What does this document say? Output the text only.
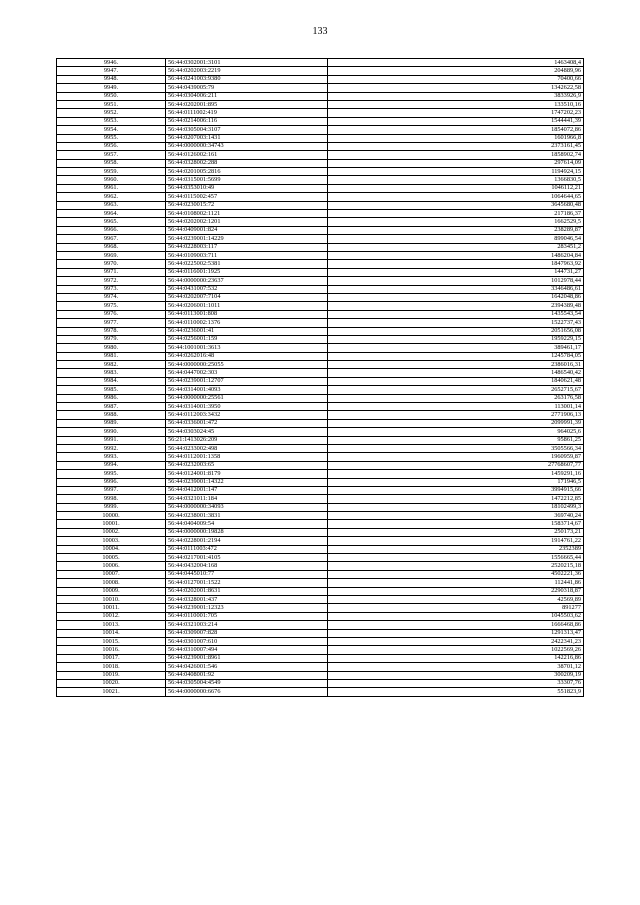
133
9946.	56:44:0302001:3101	1463408,4
9947.	56:44:0202003:2219	204889,96
9948.	56:44:0241003:9380	70400,66
9949.	56:44:0439005:79	1342622,58
9950.	56:44:0304006:211	3833926,9
9951.	56:44:0202001:895	133510,16
9952.	56:44:0111002:419	1747202,23
9953.	56:44:0214006:116	1544441,39
9954.	56:44:0305004:3107	1854072,86
9955.	56:44:0207003:1431	1601966,8
9956.	56:44:0000000:34743	2373161,45
9957.	56:44:0126002:161	1858902,74
9958.	56:44:0328002:288	297614,09
9959.	56:44:0201005:2816	1194924,15
9960.	56:44:0315001:5699	1366830,5
9961.	56:44:0353010:49	1046112,21
9962.	56:44:0115002:457	1064644,65
9963.	56:44:0230015:72	3645680,48
9964.	56:44:0108002:1121	217186,37
9965.	56:44:0202002:1201	1662529,5
9966.	56:44:0409001:824	238289,87
9967.	56:44:0239001:14229	899046,54
9968.	56:44:0228003:117	283451,2
9969.	56:44:0109003:711	1486204,84
9970.	56:44:0225002:5381	1847963,92
9971.	56:44:0116001:1925	144731,27
9972.	56:44:0000000:23637	1012978,44
9973.	56:44:0431007:532	3346486,61
9974.	56:44:0202007:7104	1642048,86
9975.	56:44:0206001:1011	2394389,48
9976.	56:44:0113001:808	1435543,54
9977.	56:44:0110002:1376	1522737,43
9978.	56:44:0236001:41	2051656,08
9979.	56:44:0256001:159	1959229,15
9980.	56:44:1001001:3613	389461,17
9981.	56:44:0262016:48	1245784,05
9982.	56:44:0000000:25055	2386016,31
9983.	56:44:0447002:303	1486540,42
9984.	56:44:0239001:12707	1840621,48
9985.	56:44:0314001:4093	2652715,67
9986.	56:44:0000000:25561	263176,58
9987.	56:44:0314001:3950	113001,14
9988.	56:44:0112003:3432	2771906,13
9989.	56:44:0336001:472	2099991,39
9990.	56:44:0303024:45	964025,6
9991.	56:21:1413026:209	95861,25
9992.	56:44:0233002:498	3505566,34
9993.	56:44:0112001:1358	1960959,87
9994.	56:44:0232003:65	27768607,77
9995.	56:44:0124001:8179	1459291,16
9996.	56:44:0239001:14322	171946,5
9997.	56:44:0412001:147	3994915,66
9998.	56:44:0321011:184	1472212,85
9999.	56:44:0000000:34093	18102499,3
10000.	56:44:0238001:3831	369740,24
10001.	56:44:0404009:54	1583714,67
10002.	56:44:0000000:19828	250173,21
10003.	56:44:0228001:2194	1914761,22
10004.	56:44:0111003:472	2352389
10005.	56:44:0217001:4105	1556665,44
10006.	56:44:0432004:168	2520215,18
10007.	56:44:0445010:77	4502221,36
10008.	56:44:0127001:1522	112441,86
10009.	56:44:0202001:8631	2290318,87
10010.	56:44:0328001:437	42569,89
10011.	56:44:0239001:12323	891277
10012.	56:44:0110001:705	1045503,62
10013.	56:44:0321003:214	1666468,86
10014.	56:44:0309007:828	1291313,47
10015.	56:44:0301007:610	2422341,23
10016.	56:44:0310007:494	1022569,26
10017.	56:44:0239001:8961	142216,86
10018.	56:44:0426001:546	38701,12
10019.	56:44:0408001:92	300209,19
10020.	56:44:0305004:4549	33307,76
10021.	56:44:0000000:6676	551823,9
